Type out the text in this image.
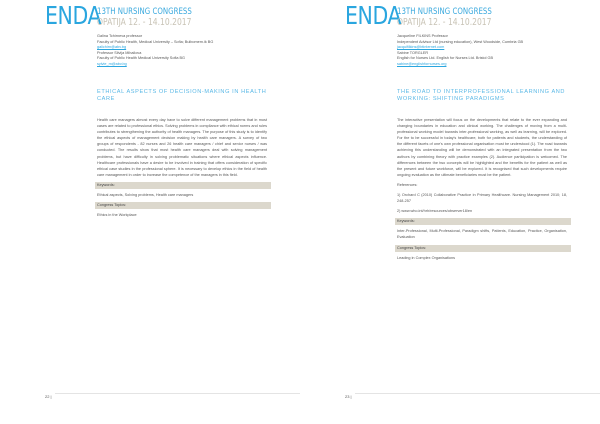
ENDA
13TH NURSING CONGRESS
OPATIJA 12. - 14.10.2017
Galina Tchirneva professor
Faculty of Public Health, Medical University – Sofia; Bulbomem.ik BG
galichirn@abv.bg
Professor Silvija Mihailova
Faculty of Public Health Medical University Sofia BG
sylvie_m@abv.bg
ETHICAL ASPECTS OF DECISION-MAKING IN HEALTH CARE

Health care managers almost every day have to solve different management problems that in most cases are related to professional ethics. Solving problems in compliance with ethical norms and rules contributes to strengthening the authority of health managers. The purpose of this study is to identify the ethical aspects of management decision making by health care managers. A survey of two groups of respondents - 82 nurses and 26 health care managers / chief and senior nurses / was conducted. The results show that most health care managers deal with solving management problems, but have difficulty in solving problematic situations where ethical aspects influence. Healthcare professionals have a desire to be involved in training that offers consideration of specific ethical case studies in the professional sphere. It is necessary to develop ethics in the field of health care management in order to increase the competence of the managers in this field.

Keywords:

Ethical aspects, Solving problems, Health care managers

Congress Topics:

Ethics in the Workplace

22 |
ENDA
13TH NURSING CONGRESS
OPATIJA 12. - 14.10.2017
Jacqueline FILKINS Professor
Independent Advisor Ltd (nursing education), West Woodside, Cumbria GB
jacquifilkins@btinternet.com
Sabine TORGLER
English for Nurses Ltd. English for Nurses Ltd. Bristol GB
sabine@englishfornurses.org
THE ROAD TO INTERPROFESSIONAL LEARNING AND WORKING: SHIFTING PARADIGMS

The interactive presentation will focus on the developments that relate to the ever expanding and changing boundaries in education and clinical working. The challenges of moving from a multi- professional working model towards inter-professional working, as well as learning, will be explored. For the to be successful in today's healthcare, both for patients and students, the understanding of the different facets of one's own professional organisation must be understood (1). The road towards achieving this understanding will be demonstrated with an integrated presentation from the two authors by combining theory with practice examples (2). Audience participation is welcomed. The differences between the two concepts will be highlighted and the benefits for the patient as well as the present and future workforce, will be explored. It is recognised that such developments require ongoing evaluation as the ultimate beneficiaries must be the patient.

References:

1) Orchard C (2010) Collaborative Practice in Primary Healthcare. Nursing Management 2010; 18, 248-257

2) www.who.int/hrh/resources/observer18/en

Keywords:

Inter-Professional, Multi-Professional, Paradigm shifts, Patients, Education, Practice, Organisation, Evaluation

Congress Topics:

Leading in Complex Organisations

23 |
